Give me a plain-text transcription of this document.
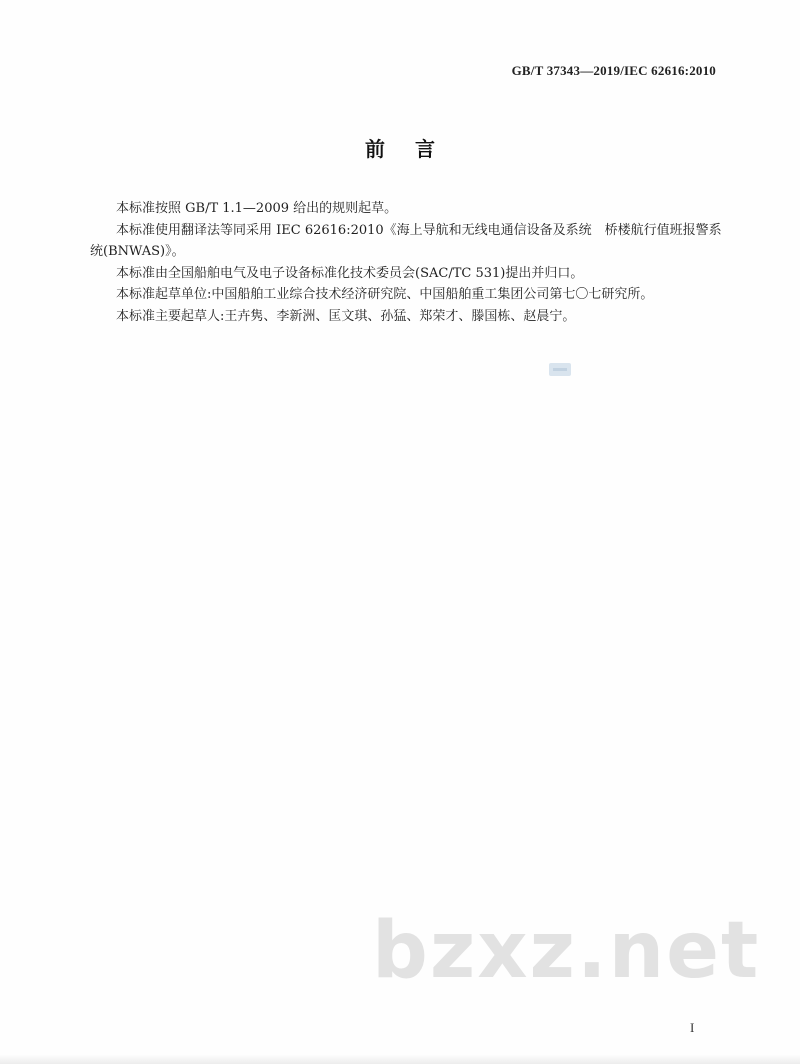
GB/T 37343—2019/IEC 62616:2010
前 言

本标准按照 GB/T 1.1—2009 给出的规则起草。

本标准使用翻译法等同采用 IEC 62616:2010《海上导航和无线电通信设备及系统　桥楼航行值班报警系统(BNWAS)》。

本标准由全国船舶电气及电子设备标准化技术委员会(SAC/TC 531)提出并归口。

本标准起草单位:中国船舶工业综合技术经济研究院、中国船舶重工集团公司第七〇七研究所。

本标准主要起草人:王卉隽、李新洲、匡文琪、孙猛、郑荣才、滕国栋、赵晨宁。

bzxz.net
I
